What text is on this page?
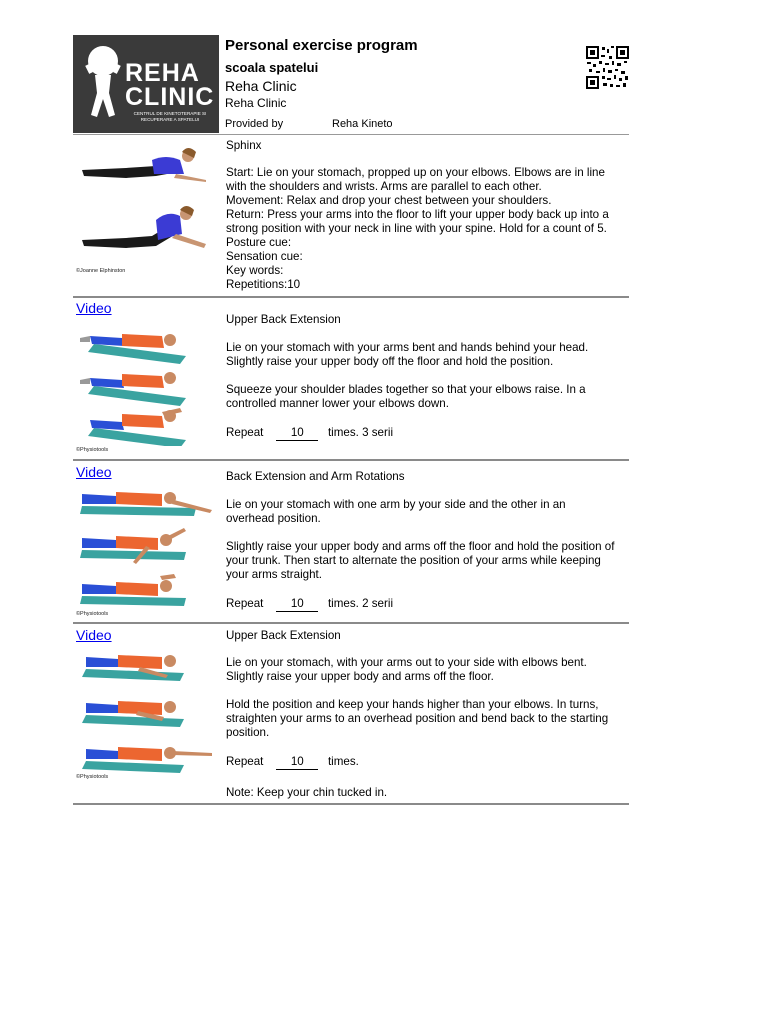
REHA
CLINIC
CENTRUL DE KINETOTERAPIE SI RECUPERARE A SPATELUI
Personal exercise program
scoala spatelui
Reha Clinic
Reha Clinic
Provided by	Reha Kineto
©Joanne Elphinston
Sphinx
Start: Lie on your stomach, propped up on your elbows. Elbows are in line
with the shoulders and wrists. Arms are parallel to each other.
Movement: Relax and drop your chest between your shoulders.
Return: Press your arms into the floor to lift your upper body back up into a
strong position with your neck in line with your spine. Hold for a count of 5.
Posture cue:
Sensation cue:
Key words:
Repetitions:10
Video
©Physiotools
Upper Back Extension
Lie on your stomach with your arms bent and hands behind your head.
Slightly raise your upper body off the floor and hold the position.
Squeeze your shoulder blades together so that your elbows raise. In a
controlled manner lower your elbows down.
Repeat 10 times. 3 serii
Video
©Physiotools
Back Extension and Arm Rotations
Lie on your stomach with one arm by your side and the other in an
overhead position.
Slightly raise your upper body and arms off the floor and hold the position of
your trunk. Then start to alternate the position of your arms while keeping
your arms straight.
Repeat 10 times. 2 serii
Video
©Physiotools
Upper Back Extension
Lie on your stomach, with your arms out to your side with elbows bent.
Slightly raise your upper body and arms off the floor.
Hold the position and keep your hands higher than your elbows. In turns,
straighten your arms to an overhead position and bend back to the starting
position.
Repeat 10 times.
Note: Keep your chin tucked in.
